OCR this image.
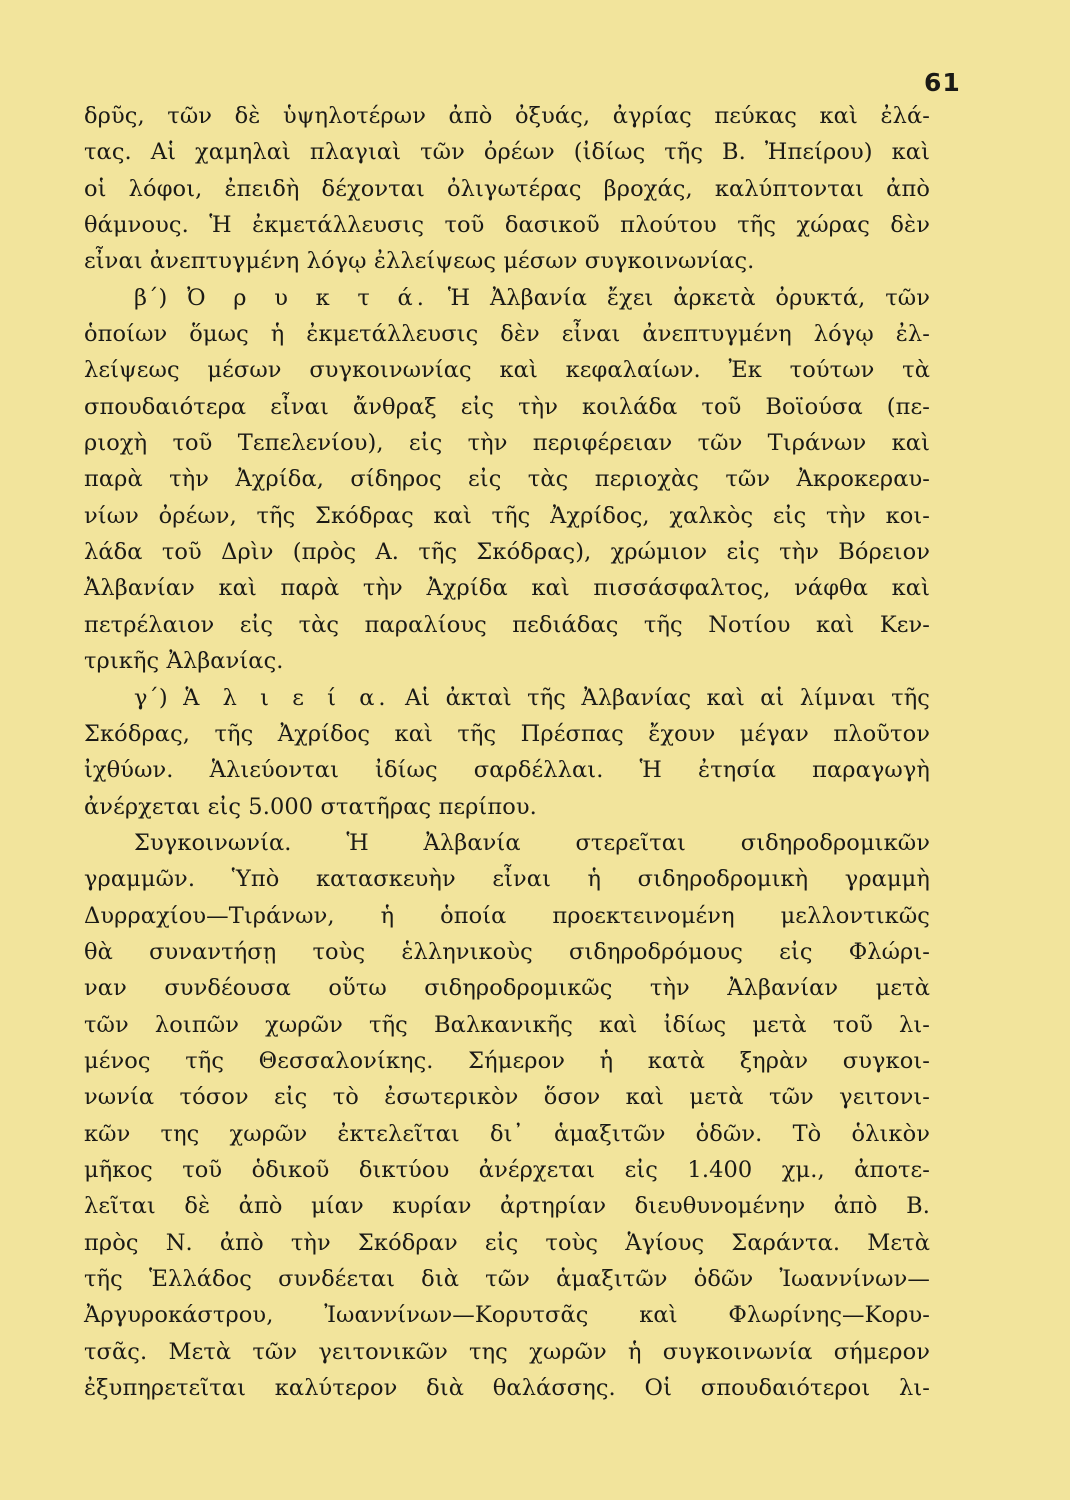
61
δρῦς, τῶν δὲ ὑψηλοτέρων ἀπὸ ὀξυάς, ἀγρίας πεύκας καὶ ἐλά-
τας. Αἱ χαμηλαὶ πλαγιαὶ τῶν ὀρέων (ἰδίως τῆς Β. Ἠπείρου) καὶ
οἱ λόφοι, ἐπειδὴ δέχονται ὀλιγωτέρας βροχάς, καλύπτονται ἀπὸ
θάμνους. Ἡ ἐκμετάλλευσις τοῦ δασικοῦ πλούτου τῆς χώρας δὲν
εἶναι ἀνεπτυγμένη λόγῳ ἐλλείψεως μέσων συγκοινωνίας.
β΄) Ὀ ρ υ κ τ ά. Ἡ Ἀλβανία ἔχει ἀρκετὰ ὀρυκτά, τῶν
ὁποίων ὅμως ἡ ἐκμετάλλευσις δὲν εἶναι ἀνεπτυγμένη λόγῳ ἐλ-
λείψεως μέσων συγκοινωνίας καὶ κεφαλαίων. Ἐκ τούτων τὰ
σπουδαιότερα εἶναι ἄνθραξ εἰς τὴν κοιλάδα τοῦ Βοϊούσα (πε-
ριοχὴ τοῦ Τεπελενίου), εἰς τὴν περιφέρειαν τῶν Τιράνων καὶ
παρὰ τὴν Ἀχρίδα, σίδηρος εἰς τὰς περιοχὰς τῶν Ἀκροκεραυ-
νίων ὀρέων, τῆς Σκόδρας καὶ τῆς Ἀχρίδος, χαλκὸς εἰς τὴν κοι-
λάδα τοῦ Δρὶν (πρὸς Α. τῆς Σκόδρας), χρώμιον εἰς τὴν Βόρειον
Ἀλβανίαν καὶ παρὰ τὴν Ἀχρίδα καὶ πισσάσφαλτος, νάφθα καὶ
πετρέλαιον εἰς τὰς παραλίους πεδιάδας τῆς Νοτίου καὶ Κεν-
τρικῆς Ἀλβανίας.
γ΄) Ἁ λ ι ε ί α. Αἱ ἀκταὶ τῆς Ἀλβανίας καὶ αἱ λίμναι τῆς
Σκόδρας, τῆς Ἀχρίδος καὶ τῆς Πρέσπας ἔχουν μέγαν πλοῦτον
ἰχθύων. Ἁλιεύονται ἰδίως σαρδέλλαι. Ἡ ἐτησία παραγωγὴ
ἀνέρχεται εἰς 5.000 στατῆρας περίπου.
Συγκοινωνία. Ἡ Ἀλβανία στερεῖται σιδηροδρομικῶν
γραμμῶν. Ὑπὸ κατασκευὴν εἶναι ἡ σιδηροδρομικὴ γραμμὴ
Δυρραχίου—Τιράνων, ἡ ὁποία προεκτεινομένη μελλοντικῶς
θὰ συναντήσῃ τοὺς ἑλληνικοὺς σιδηροδρόμους εἰς Φλώρι-
ναν συνδέουσα οὕτω σιδηροδρομικῶς τὴν Ἀλβανίαν μετὰ
τῶν λοιπῶν χωρῶν τῆς Βαλκανικῆς καὶ ἰδίως μετὰ τοῦ λι-
μένος τῆς Θεσσαλονίκης. Σήμερον ἡ κατὰ ξηρὰν συγκοι-
νωνία τόσον εἰς τὸ ἐσωτερικὸν ὅσον καὶ μετὰ τῶν γειτονι-
κῶν της χωρῶν ἐκτελεῖται δι᾽ ἁμαξιτῶν ὁδῶν. Τὸ ὁλικὸν
μῆκος τοῦ ὁδικοῦ δικτύου ἀνέρχεται εἰς 1.400 χμ., ἀποτε-
λεῖται δὲ ἀπὸ μίαν κυρίαν ἀρτηρίαν διευθυνομένην ἀπὸ Β.
πρὸς Ν. ἀπὸ τὴν Σκόδραν εἰς τοὺς Ἁγίους Σαράντα. Μετὰ
τῆς Ἑλλάδος συνδέεται διὰ τῶν ἁμαξιτῶν ὁδῶν Ἰωαννίνων—
Ἀργυροκάστρου, Ἰωαννίνων—Κορυτσᾶς καὶ Φλωρίνης—Κορυ-
τσᾶς. Μετὰ τῶν γειτονικῶν της χωρῶν ἡ συγκοινωνία σήμερον
ἐξυπηρετεῖται καλύτερον διὰ θαλάσσης. Οἱ σπουδαιότεροι λι-
